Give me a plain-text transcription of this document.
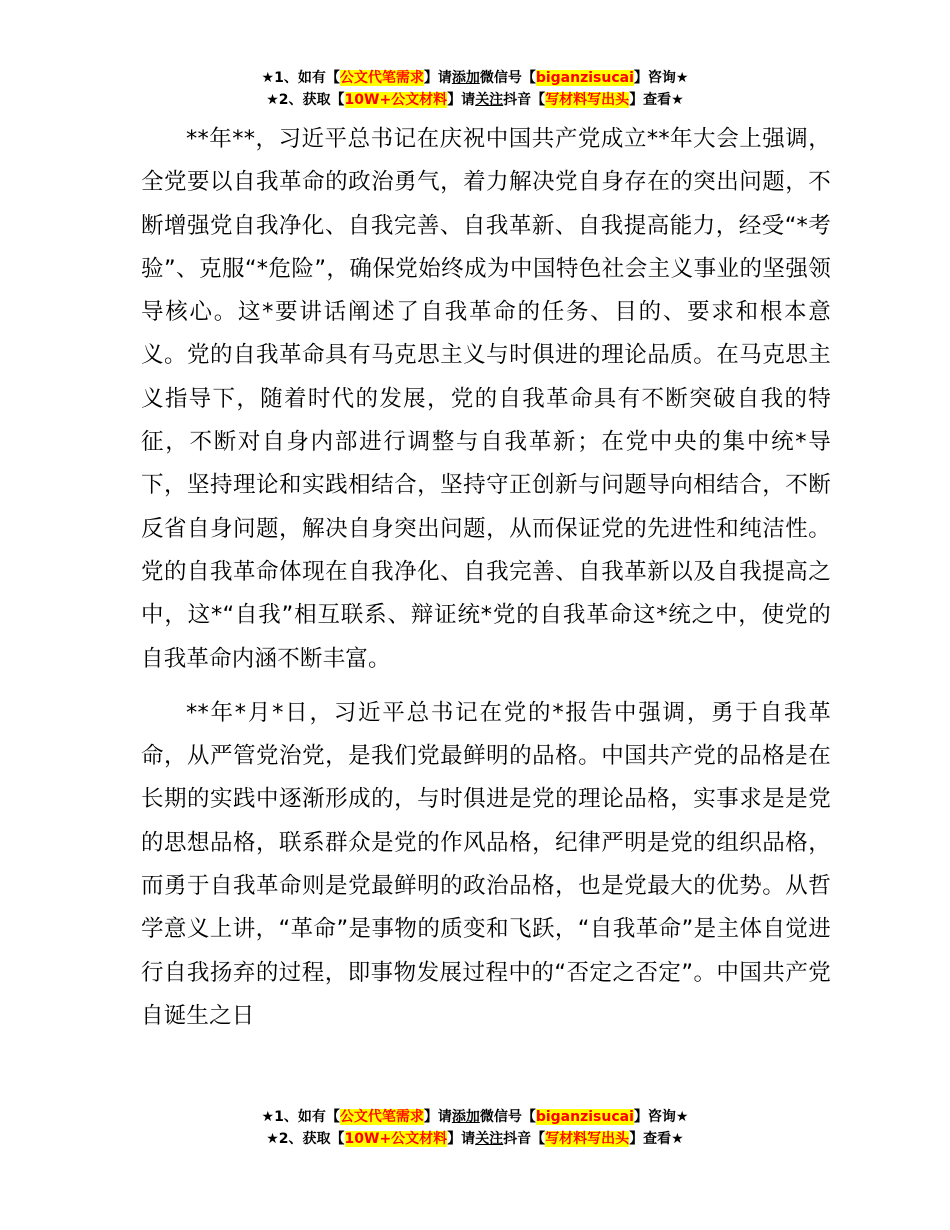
★1、如有【公文代笔需求】请添加微信号【biganzisucai】咨询★
★2、获取【10W+公文材料】请关注抖音【写材料写出头】查看★

**年**，习近平总书记在庆祝中国共产党成立**年大会上强调，全党要以自我革命的政治勇气，着力解决党自身存在的突出问题，不断增强党自我净化、自我完善、自我革新、自我提高能力，经受“*考验”、克服“*危险”，确保党始终成为中国特色社会主义事业的坚强领导核心。这*要讲话阐述了自我革命的任务、目的、要求和根本意义。党的自我革命具有马克思主义与时俱进的理论品质。在马克思主义指导下，随着时代的发展，党的自我革命具有不断突破自我的特征，不断对自身内部进行调整与自我革新；在党中央的集中统*导下，坚持理论和实践相结合，坚持守正创新与问题导向相结合，不断反省自身问题，解决自身突出问题，从而保证党的先进性和纯洁性。党的自我革命体现在自我净化、自我完善、自我革新以及自我提高之中，这*“自我”相互联系、辩证统*党的自我革命这*统之中，使党的自我革命内涵不断丰富。

**年*月*日，习近平总书记在党的*报告中强调，勇于自我革命，从严管党治党，是我们党最鲜明的品格。中国共产党的品格是在长期的实践中逐渐形成的，与时俱进是党的理论品格，实事求是是党的思想品格，联系群众是党的作风品格，纪律严明是党的组织品格，而勇于自我革命则是党最鲜明的政治品格，也是党最大的优势。从哲学意义上讲，“革命”是事物的质变和飞跃，“自我革命”是主体自觉进行自我扬弃的过程，即事物发展过程中的“否定之否定”。中国共产党自诞生之日

★1、如有【公文代笔需求】请添加微信号【biganzisucai】咨询★
★2、获取【10W+公文材料】请关注抖音【写材料写出头】查看★
